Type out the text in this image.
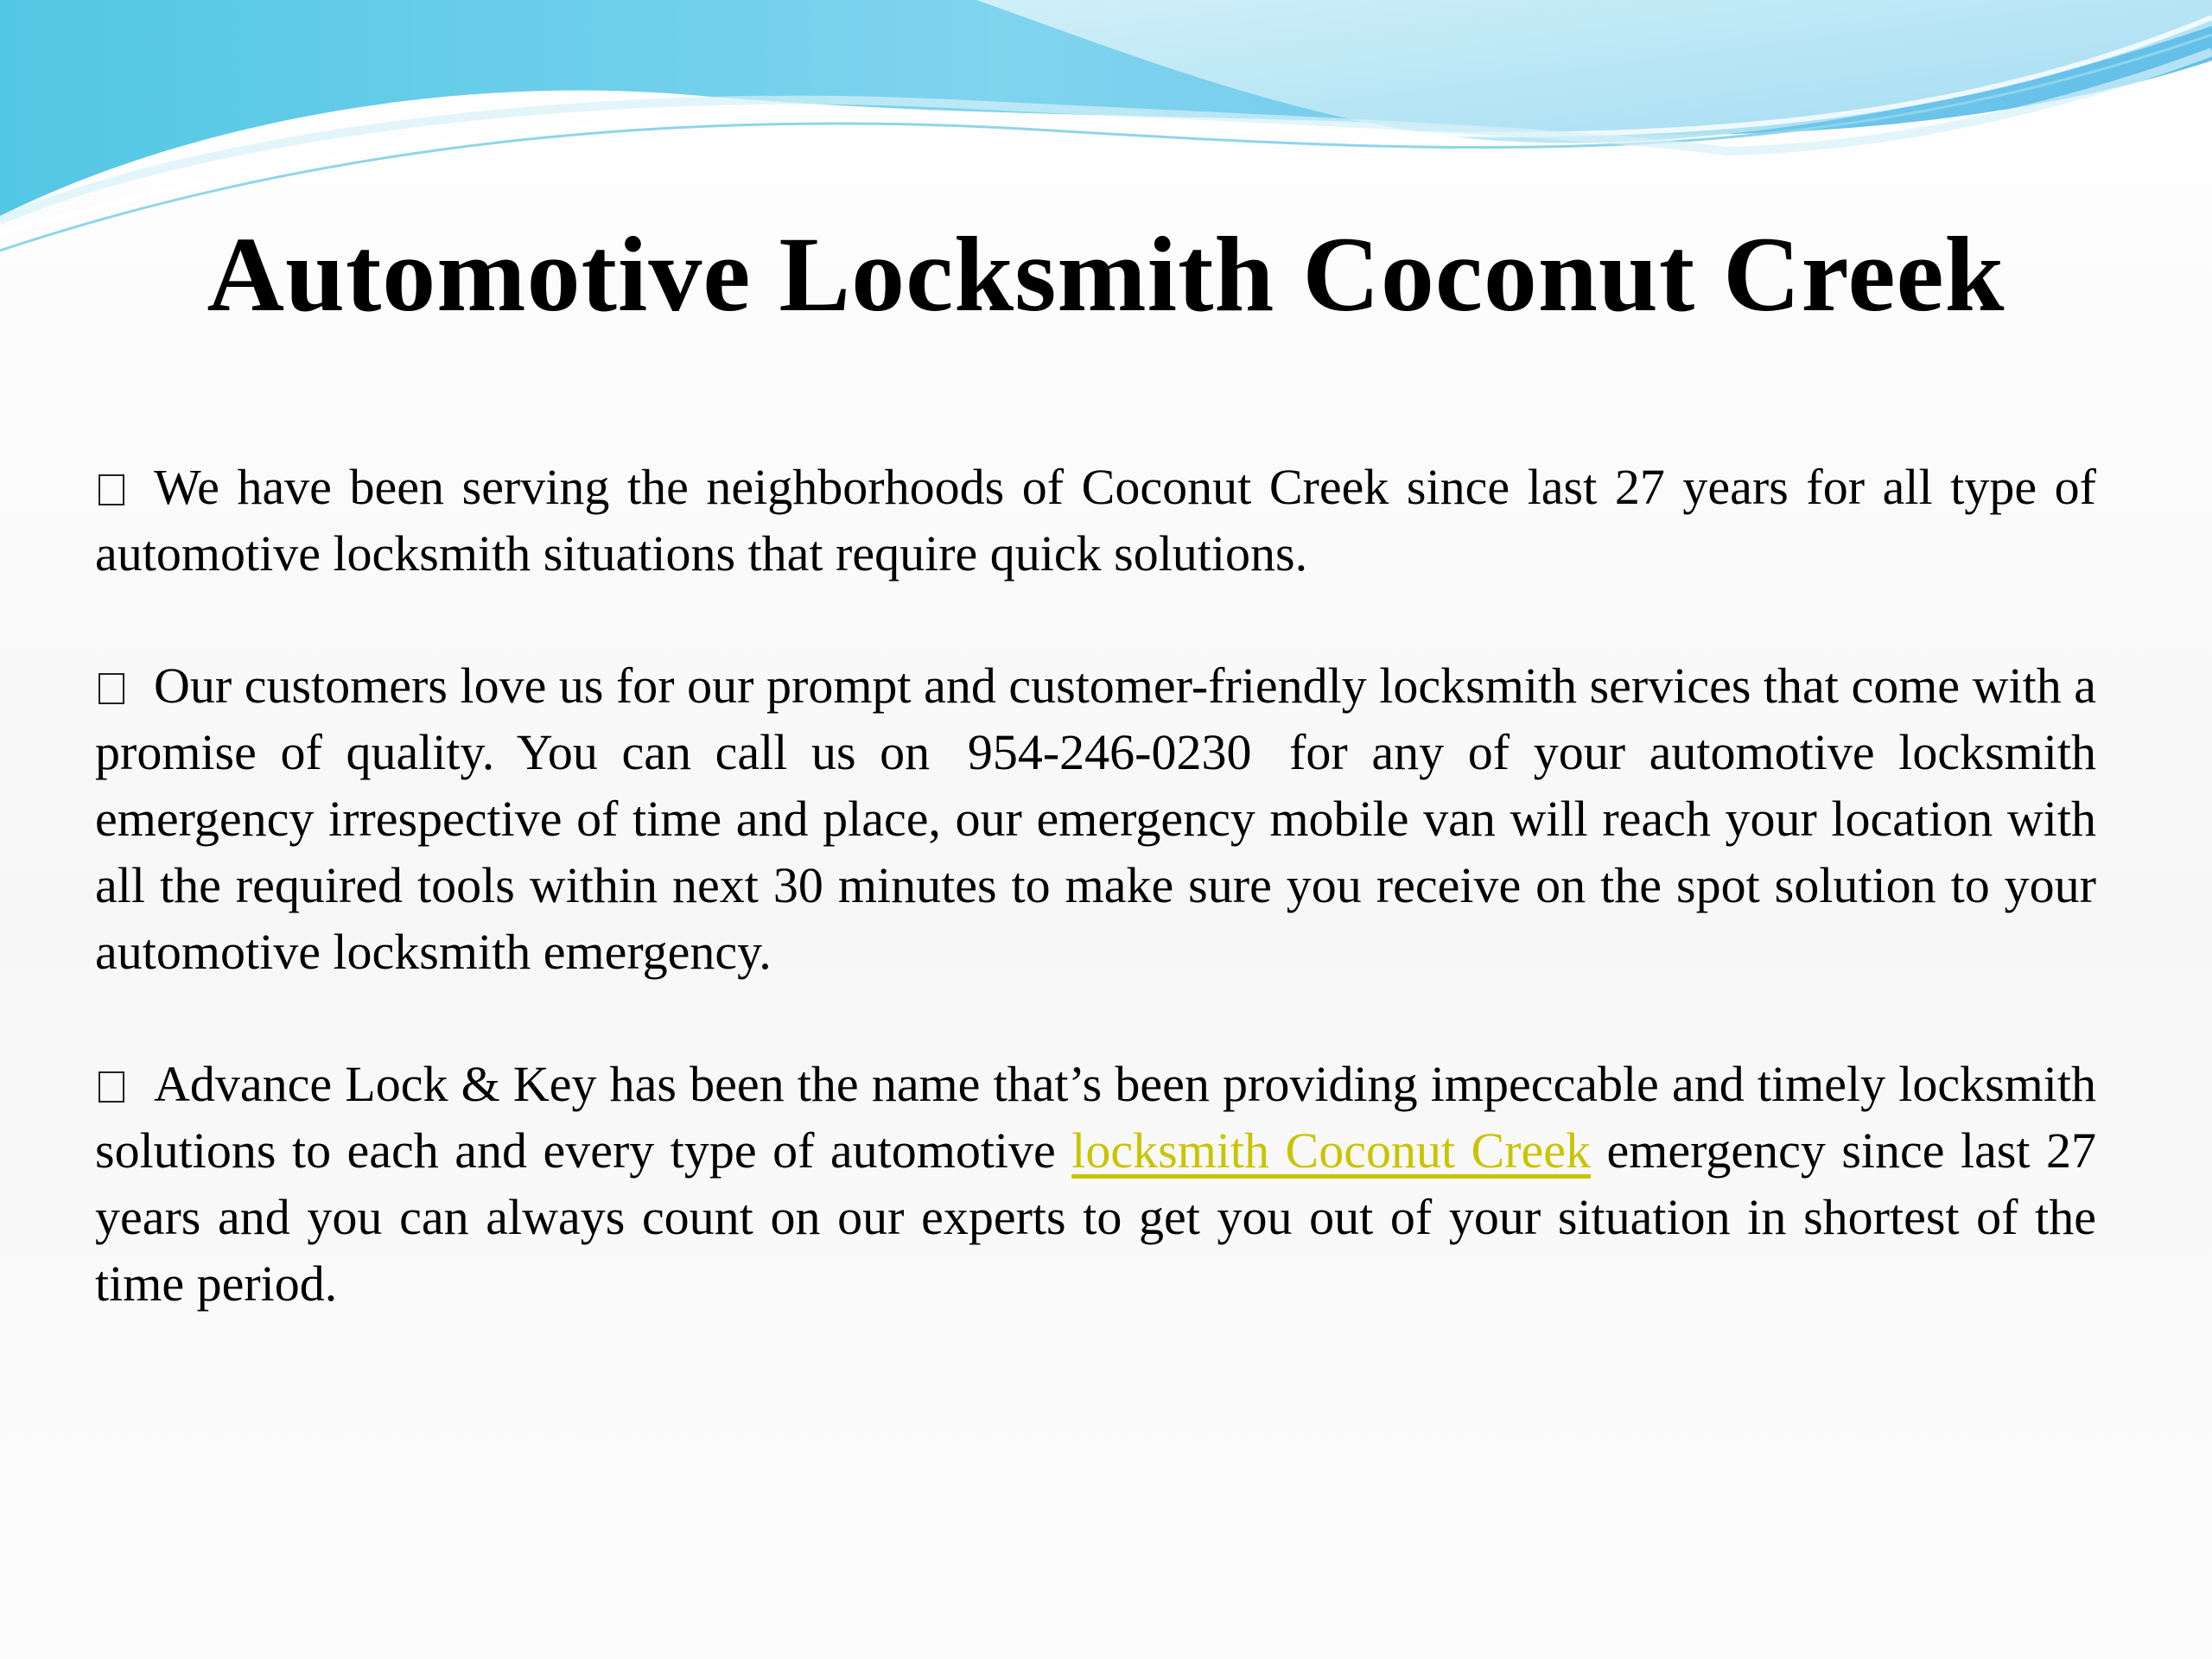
Automotive Locksmith Coconut Creek

We have been serving the neighborhoods of Coconut Creek since last 27 years for all type of automotive locksmith situations that require quick solutions.

Our customers love us for our prompt and customer-friendly locksmith services that come with a promise of quality. You can call us on 954-246-0230 for any of your automotive locksmith emergency irrespective of time and place, our emergency mobile van will reach your location with all the required tools within next 30 minutes to make sure you receive on the spot solution to your automotive locksmith emergency.

Advance Lock & Key has been the name that’s been providing impeccable and timely locksmith solutions to each and every type of automotive locksmith Coconut Creek emergency since last 27 years and you can always count on our experts to get you out of your situation in shortest of the time period.
